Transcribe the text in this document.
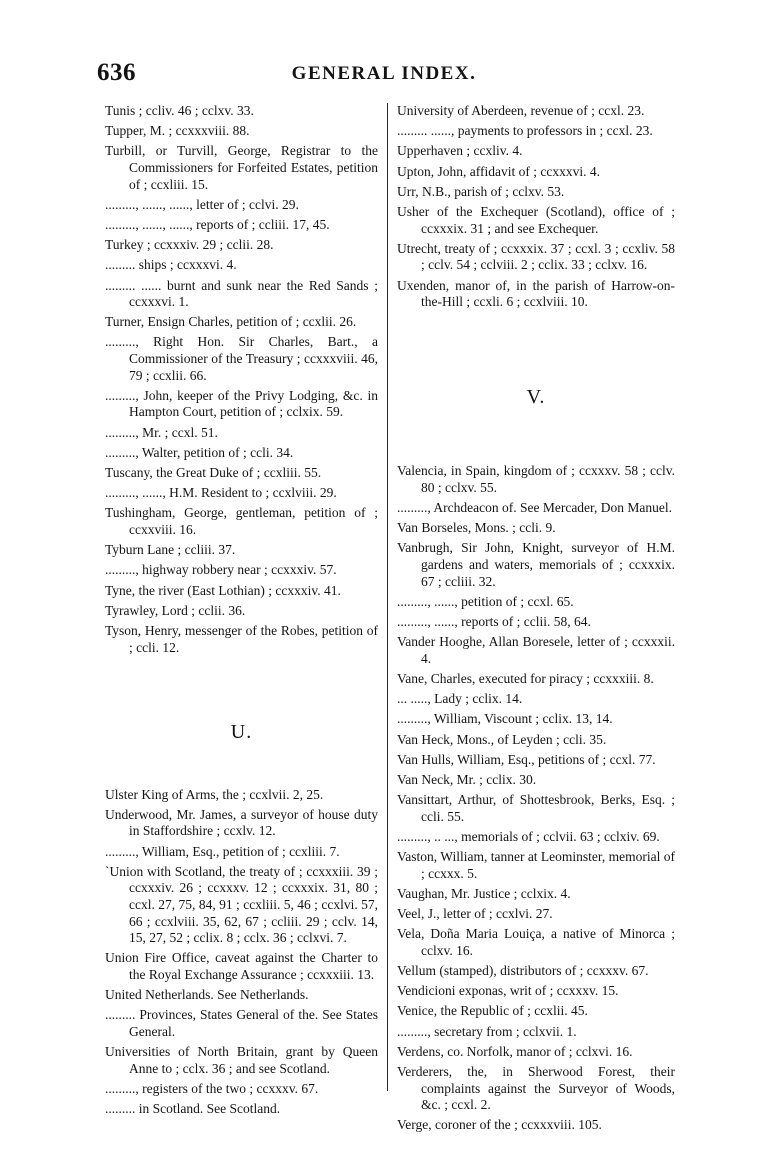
636	GENERAL INDEX.
Tunis ; ccliv. 46 ; cclxv. 33.
Tupper, M. ; ccxxxviii. 88.
Turbill, or Turvill, George, Registrar to the Commissioners for Forfeited Estates, petition of ; ccxliii. 15.
........., ......, ......, letter of ; cclvi. 29.
........., ......, ......, reports of ; ccliii. 17, 45.
Turkey ; ccxxxiv. 29 ; cclii. 28.
......... ships ; ccxxxvi. 4.
......... ...... burnt and sunk near the Red Sands ; ccxxxvi. 1.
Turner, Ensign Charles, petition of ; ccxlii. 26.
........., Right Hon. Sir Charles, Bart., a Commissioner of the Treasury ; ccxxxviii. 46, 79 ; ccxlii. 66.
........., John, keeper of the Privy Lodging, &c. in Hampton Court, petition of ; cclxix. 59.
........., Mr. ; ccxl. 51.
........., Walter, petition of ; ccli. 34.
Tuscany, the Great Duke of ; ccxliii. 55.
........., ......, H.M. Resident to ; ccxlviii. 29.
Tushingham, George, gentleman, petition of ; ccxxviii. 16.
Tyburn Lane ; ccliii. 37.
........., highway robbery near ; ccxxxiv. 57.
Tyne, the river (East Lothian) ; ccxxxiv. 41.
Tyrawley, Lord ; cclii. 36.
Tyson, Henry, messenger of the Robes, petition of ; ccli. 12.
U.
Ulster King of Arms, the ; ccxlvii. 2, 25.
Underwood, Mr. James, a surveyor of house duty in Staffordshire ; ccxlv. 12.
........., William, Esq., petition of ; ccxliii. 7.
`Union with Scotland, the treaty of ; ccxxxiii. 39 ; ccxxxiv. 26 ; ccxxxv. 12 ; ccxxxix. 31, 80 ; ccxl. 27, 75, 84, 91 ; ccxliii. 5, 46 ; ccxlvi. 57, 66 ; ccxlviii. 35, 62, 67 ; ccliii. 29 ; cclv. 14, 15, 27, 52 ; cclix. 8 ; cclx. 36 ; cclxvi. 7.
Union Fire Office, caveat against the Charter to the Royal Exchange Assurance ; ccxxxiii. 13.
United Netherlands. See Netherlands.
......... Provinces, States General of the. See States General.
Universities of North Britain, grant by Queen Anne to ; cclx. 36 ; and see Scotland.
........., registers of the two ; ccxxxv. 67.
......... in Scotland. See Scotland.
University of Aberdeen, revenue of ; ccxl. 23.
......... ......, payments to professors in ; ccxl. 23.
Upperhaven ; ccxliv. 4.
Upton, John, affidavit of ; ccxxxvi. 4.
Urr, N.B., parish of ; cclxv. 53.
Usher of the Exchequer (Scotland), office of ; ccxxxix. 31 ; and see Exchequer.
Utrecht, treaty of ; ccxxxix. 37 ; ccxl. 3 ; ccxliv. 58 ; cclv. 54 ; cclviii. 2 ; cclix. 33 ; cclxv. 16.
Uxenden, manor of, in the parish of Harrow-on-the-Hill ; ccxli. 6 ; ccxlviii. 10.
V.
Valencia, in Spain, kingdom of ; ccxxxv. 58 ; cclv. 80 ; cclxv. 55.
........., Archdeacon of. See Mercader, Don Manuel.
Van Borseles, Mons. ; ccli. 9.
Vanbrugh, Sir John, Knight, surveyor of H.M. gardens and waters, memorials of ; ccxxxix. 67 ; ccliii. 32.
........., ......, petition of ; ccxl. 65.
........., ......, reports of ; cclii. 58, 64.
Vander Hooghe, Allan Boresele, letter of ; ccxxxii. 4.
Vane, Charles, executed for piracy ; ccxxxiii. 8.
... ....., Lady ; cclix. 14.
........., William, Viscount ; cclix. 13, 14.
Van Heck, Mons., of Leyden ; ccli. 35.
Van Hulls, William, Esq., petitions of ; ccxl. 77.
Van Neck, Mr. ; cclix. 30.
Vansittart, Arthur, of Shottesbrook, Berks, Esq. ; ccli. 55.
........., .. ..., memorials of ; cclvii. 63 ; cclxiv. 69.
Vaston, William, tanner at Leominster, memorial of ; ccxxx. 5.
Vaughan, Mr. Justice ; cclxix. 4.
Veel, J., letter of ; ccxlvi. 27.
Vela, Doña Maria Louiça, a native of Minorca ; cclxv. 16.
Vellum (stamped), distributors of ; ccxxxv. 67.
Vendicioni exponas, writ of ; ccxxxv. 15.
Venice, the Republic of ; ccxlii. 45.
........., secretary from ; cclxvii. 1.
Verdens, co. Norfolk, manor of ; cclxvi. 16.
Verderers, the, in Sherwood Forest, their complaints against the Surveyor of Woods, &c. ; ccxl. 2.
Verge, coroner of the ; ccxxxviii. 105.
